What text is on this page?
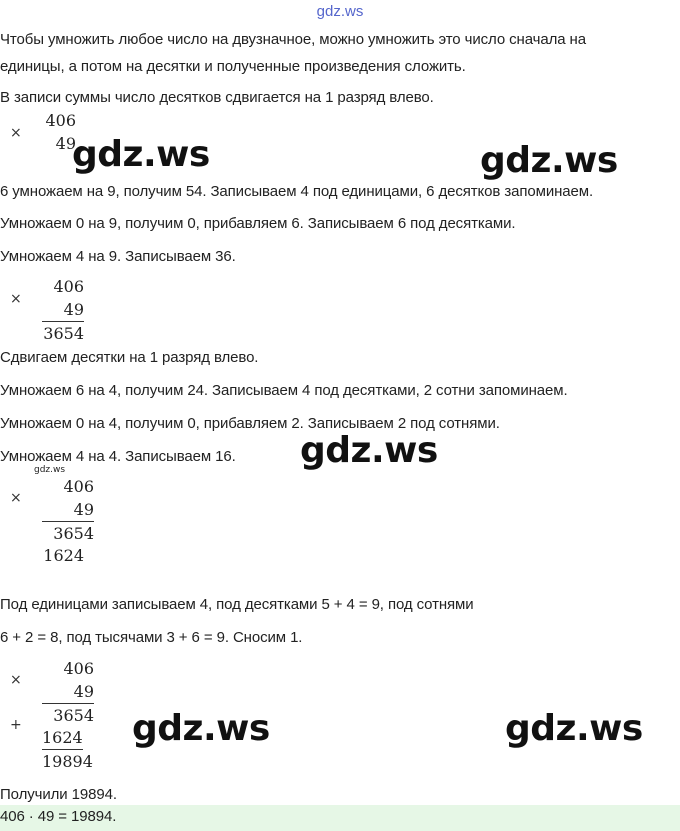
gdz.ws
Чтобы умножить любое число на двузначное, можно умножить это число сначала на
единицы, а потом на десятки и полученные произведения сложить.
В записи суммы число десятков сдвигается на 1 разряд влево.
×
406
49
6 умножаем на 9, получим 54. Записываем 4 под единицами, 6 десятков запоминаем.
Умножаем 0 на 9, получим 0, прибавляем 6. Записываем 6 под десятками.
Умножаем 4 на 9. Записываем 36.
×
406
49
3654
Сдвигаем десятки на 1 разряд влево.
Умножаем 6 на 4, получим 24. Записываем 4 под десятками, 2 сотни запоминаем.
Умножаем 0 на 4, получим 0, прибавляем 2. Записываем 2 под сотнями.
Умножаем 4 на 4. Записываем 16.
gdz.ws
×
406
49
3654
1624
Под единицами записываем 4, под десятками 5 + 4 = 9, под сотнями
6 + 2 = 8, под тысячами 3 + 6 = 9. Сносим 1.
×
+
406
49
3654
1624
19894
Получили 19894.
406 · 49 = 19894.
gdz.ws	gdz.ws
gdz.ws
gdz.ws	gdz.ws
